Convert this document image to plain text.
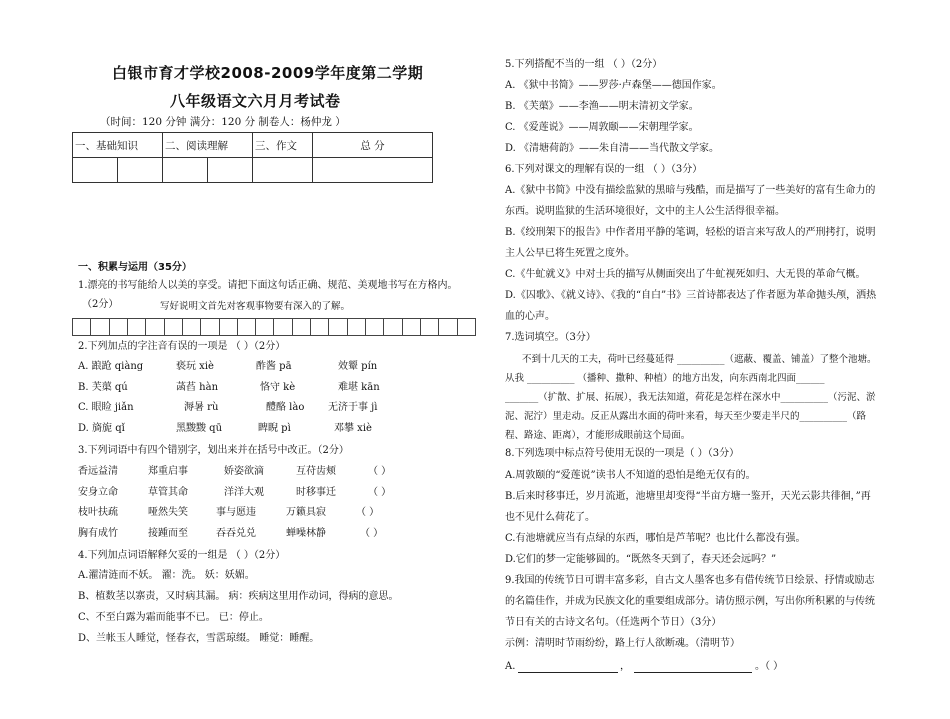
白银市育才学校2008-2009学年度第二学期
八年级语文六月月考试卷
（时间：120 分钟 满分：120 分 制卷人：杨仲龙 ）
一、基础知识		二、阅读理解		三、作文	总 分

一、积累与运用（35分）
1.漂亮的书写能给人以美的享受。请把下面这句话正确、规范、美观地书写在方格内。
（2分）	写好说明文首先对客观事物要有深入的了解。
2.下列加点的字注音有误的一项是 （ ）（2分）
A. 踉跄 qiàng	亵玩 xiè	酢酱 pā	效颦 pín
B. 芙蕖 qú	菡萏 hàn	恪守 kè	难堪 kān
C. 眼睑 jiǎn	溽暑 rù	醴酪 lào 无济于事 jì
D. 旖旎 qǐ	黑黢黢 qū	睥睨 pì	邓攀 xiè
3.下列词语中有四个错别字，划出来并在括号中改正。（2分）
香远益清	郑重启事	娇姿欲滴	互苻齿颊	（ ）
安身立命	草管其命	洋洋大观	时移事迁	（ ）
枝叶扶疏	哑然失笑	事与愿违	万籁具寂	（ ）
胸有成竹	接踵而至	吞吞兑兑	蝉噪林静	（ ）
4.下列加点词语解释欠妥的一组是 （ ）（2分）
A.濯清涟而不妖。 濯：洗。 妖：妖媚。
B、植数茎以寨责，又时病其漏。 病：疾病这里用作动词，得病的意思。
C、不至白露为霜而能事不已。 已：停止。
D、兰帐玉人睡觉，怪春衣，雪霑琼缀。 睡觉：睡醒。
5.下列搭配不当的一组 （ ）（2分）
A. 《狱中书简》——罗莎·卢森堡——德国作家。
B. 《芙蕖》——李渔——明末清初文学家。
C. 《爱莲说》——周敦颐——宋朝理学家。
D. 《清塘荷韵》——朱自清——当代散文学家。
6.下列对课文的理解有误的一组 （ ）（3分）
A.《狱中书简》中没有描绘监狱的黑暗与残酷，而是描写了一些美好的富有生命力的
东西。说明监狱的生活环境很好，文中的主人公生活得很幸福。
B.《绞刑架下的报告》中作者用平静的笔调，轻松的语言来写敌人的严刑拷打，说明
主人公早已将生死置之度外。
C.《牛虻就义》中对士兵的描写从侧面突出了牛虻视死如归、大无畏的革命气概。
D.《囚歌》、《就义诗》、《我的“自白”书》三首诗都表达了作者愿为革命抛头颅，洒热
血的心声。
7.选词填空。（3分）
不到十几天的工夫，荷叶已经蔓延得 __________（遮蔽、覆盖、铺盖）了整个池塘。
从我 __________ （播种、撒种、种植）的地方出发，向东西南北四面______
_______（扩散、扩展、拓展），我无法知道，荷花是怎样在深水中__________（污泥、淤
泥、泥泞）里走动。反正从露出水面的荷叶来看，每天至少要走半尺的__________（路
程、路途、距离），才能形成眼前这个局面。
8.下列选项中标点符号使用无误的一项是（ ）（3分）
A.周敦颐的“爱莲说”读书人不知道的恐怕是绝无仅有的。
B.后来时移事迁，岁月流逝，池塘里却变得“半亩方塘一鉴开，天光云影共徘徊，”再
也不见什么荷花了。
C.有池塘就应当有点绿的东西，哪怕是芦苇呢？也比什么都没有强。
D.它们的梦一定能够圆的。“既然冬天到了，春天还会远吗？”
9.我国的传统节日可谓丰富多彩，自古文人墨客也多有借传统节日绘景、抒情或励志
的名篇佳作，并成为民族文化的重要组成部分。请仿照示例，写出你所积累的与传统
节日有关的古诗文名句。（任选两个节日）（3分）
示例：清明时节雨纷纷，路上行人欲断魂。（清明节）
A.	，	。（ ）
